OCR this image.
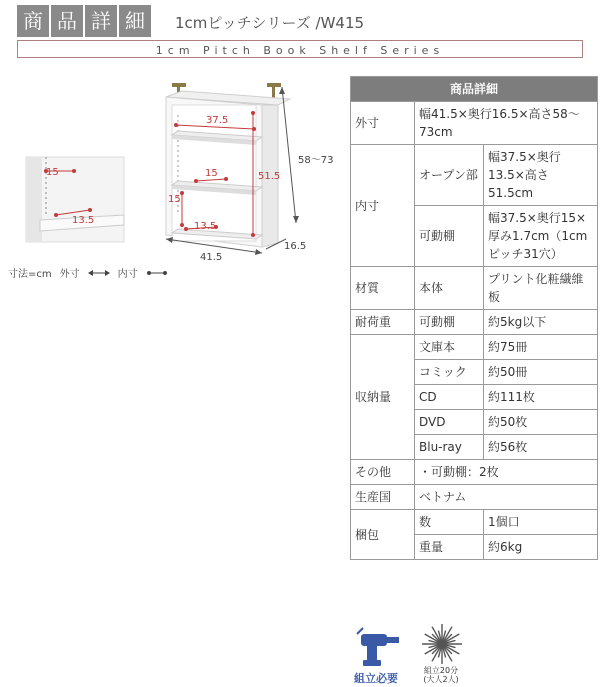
商 品 詳 細	1cmピッチシリーズ /W415
1cm Pitch Book Shelf Series
15
13.5
37.5
51.5
15
15
13.5
58〜73
41.5
16.5
寸法=cm 外寸	内寸
商品詳細		
外寸	幅41.5×奥行16.5×高さ58〜73cm	
内寸	オープン部	幅37.5×奥行13.5×高さ51.5cm
	可動棚	幅37.5×奥行15×厚み1.7cm（1cmピッチ31穴）
材質	本体	プリント化粧繊維板
耐荷重	可動棚	約5kg以下
収納量	文庫本	約75冊
	コミック	約50冊
	CD	約111枚
	DVD	約50枚
	Blu-ray	約56枚
その他	・可動棚：2枚	
生産国	ベトナム	
梱包	数	1個口
	重量	約6kg
組立必要
組立20分
(大人2人)
